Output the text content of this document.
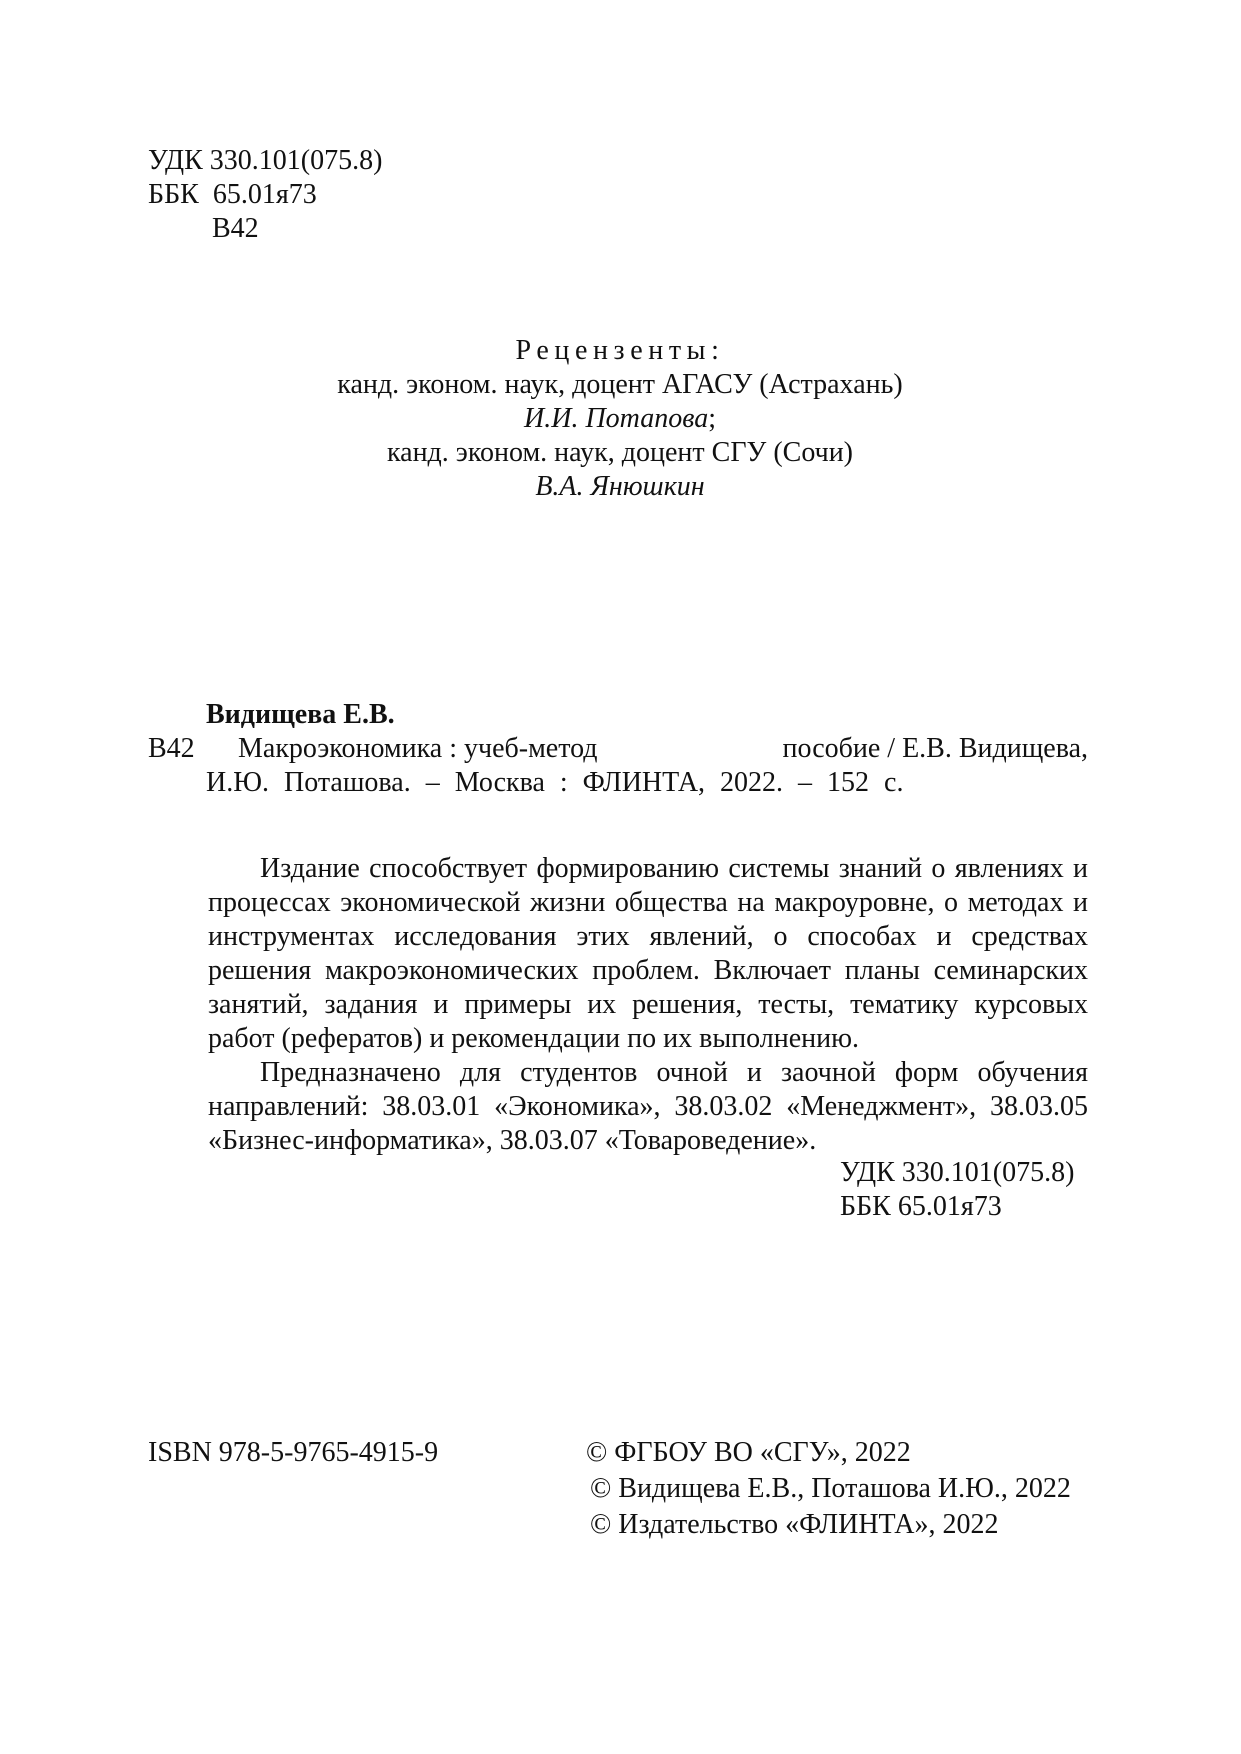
УДК 330.101(075.8)
ББК  65.01я73
В42
Рецензенты:
канд. эконом. наук, доцент АГАСУ (Астрахань)
И.И. Потапова;
канд. эконом. наук, доцент СГУ (Сочи)
В.А. Янюшкин
Видищева Е.В.
В42	Макроэкономика : учеб-метод	пособие / Е.В. Видищева,
И.Ю. Поташова. – Москва : ФЛИНТА, 2022. – 152 с.

Издание способствует формированию системы знаний о явлениях и процессах экономической жизни общества на макроуровне, о методах и инструментах исследования этих явлений, о способах и средствах решения макроэкономических проблем. Включает планы семинарских занятий, задания и примеры их решения, тесты, тематику курсовых работ (рефератов) и рекомендации по их выполнению.

Предназначено для студентов очной и заочной форм обучения направлений: 38.03.01 «Экономика», 38.03.02 «Менеджмент», 38.03.05 «Бизнес-информатика», 38.03.07 «Товароведение».

УДК 330.101(075.8)
ББК 65.01я73
ISBN 978-5-9765-4915-9	© ФГБОУ ВО «СГУ», 2022
© Видищева Е.В., Поташова И.Ю., 2022
© Издательство «ФЛИНТА», 2022
